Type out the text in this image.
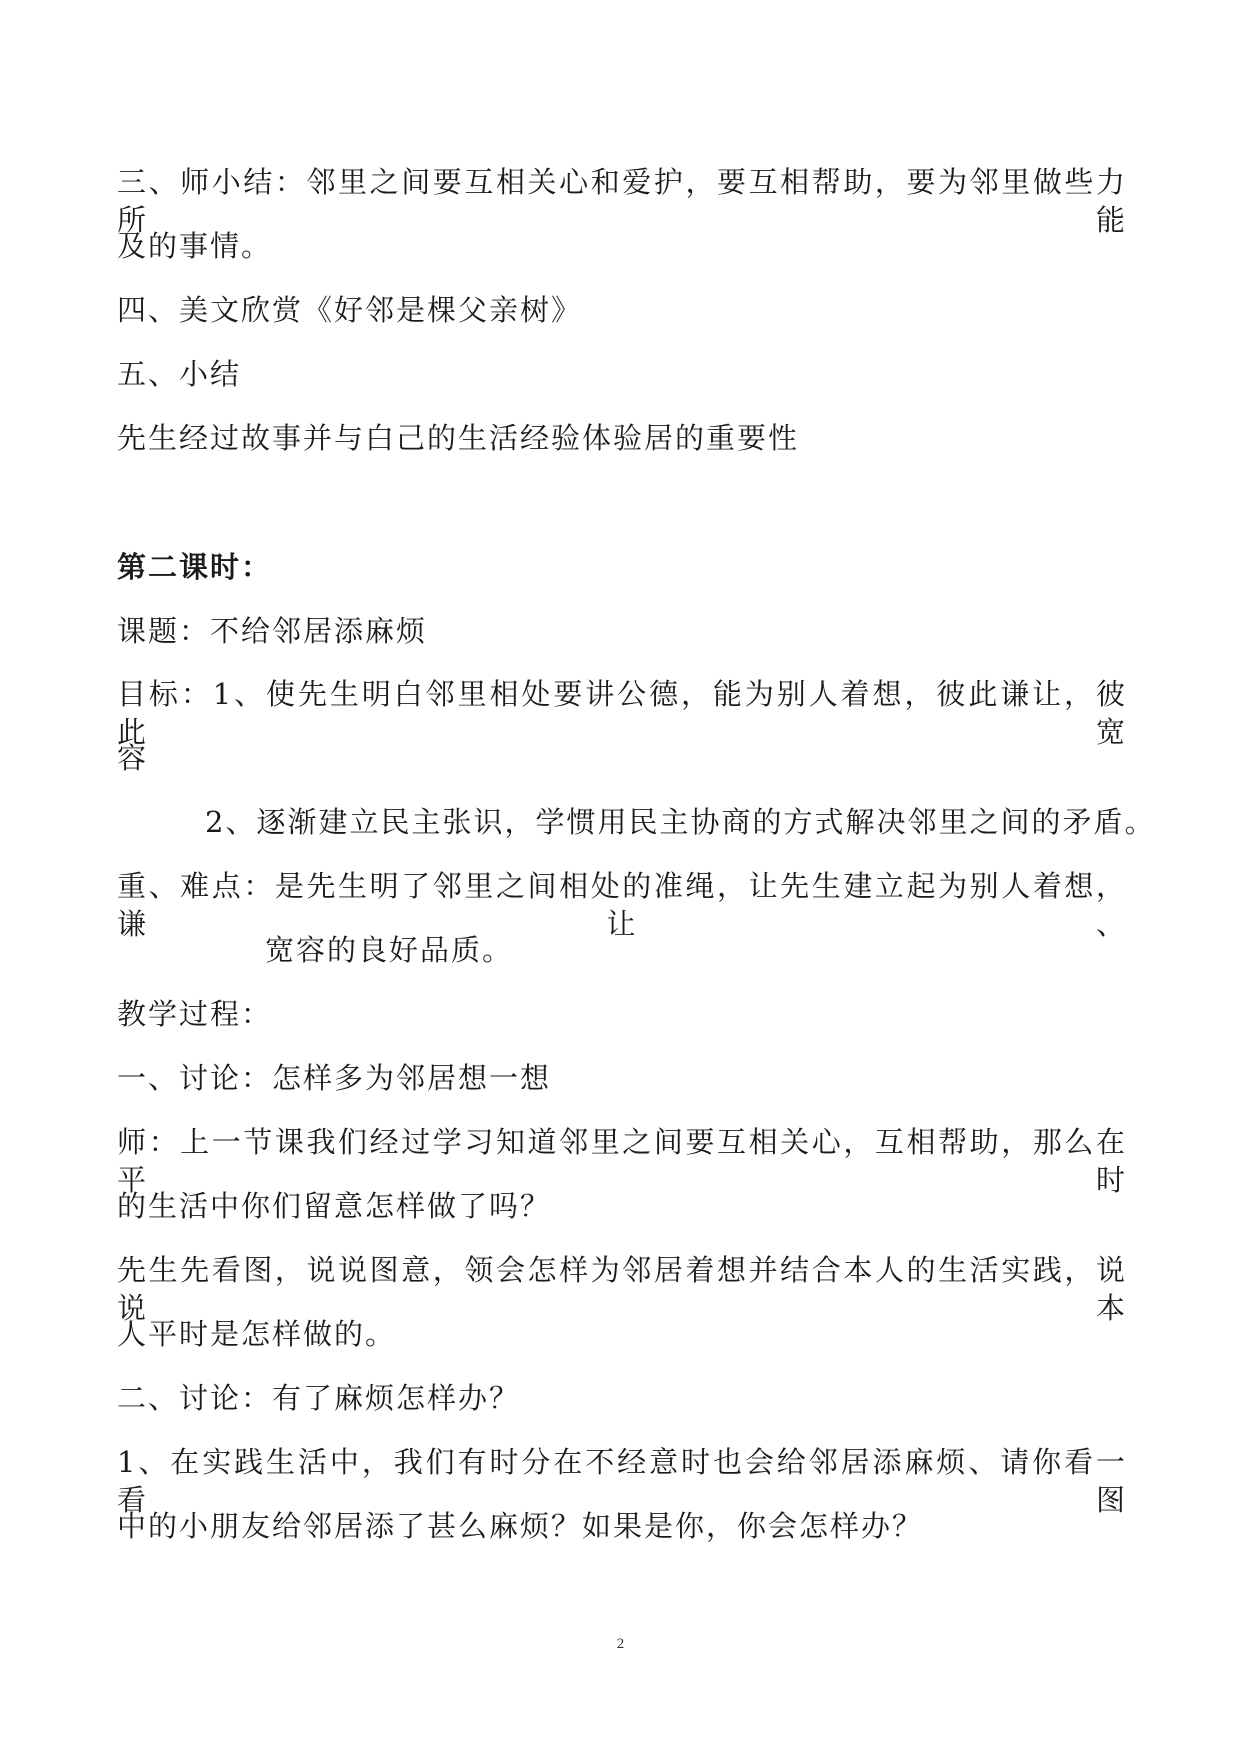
三、师小结：邻里之间要互相关心和爱护，要互相帮助，要为邻里做些力所能
及的事情。
四、美文欣赏《好邻是棵父亲树》
五、小结
先生经过故事并与白己的生活经验体验居的重要性
第二课时：
课题：不给邻居添麻烦
目标：1、使先生明白邻里相处要讲公德，能为别人着想，彼此谦让，彼此宽
容
2、逐渐建立民主张识，学惯用民主协商的方式解决邻里之间的矛盾。
重、难点：是先生明了邻里之间相处的准绳，让先生建立起为别人着想，谦让、
宽容的良好品质。
教学过程：
一、讨论：怎样多为邻居想一想
师：上一节课我们经过学习知道邻里之间要互相关心，互相帮助，那么在平时
的生活中你们留意怎样做了吗？
先生先看图，说说图意，领会怎样为邻居着想并结合本人的生活实践，说说本
人平时是怎样做的。
二、讨论：有了麻烦怎样办？
1、在实践生活中，我们有时分在不经意时也会给邻居添麻烦、请你看一看图
中的小朋友给邻居添了甚么麻烦？如果是你，你会怎样办？
2
